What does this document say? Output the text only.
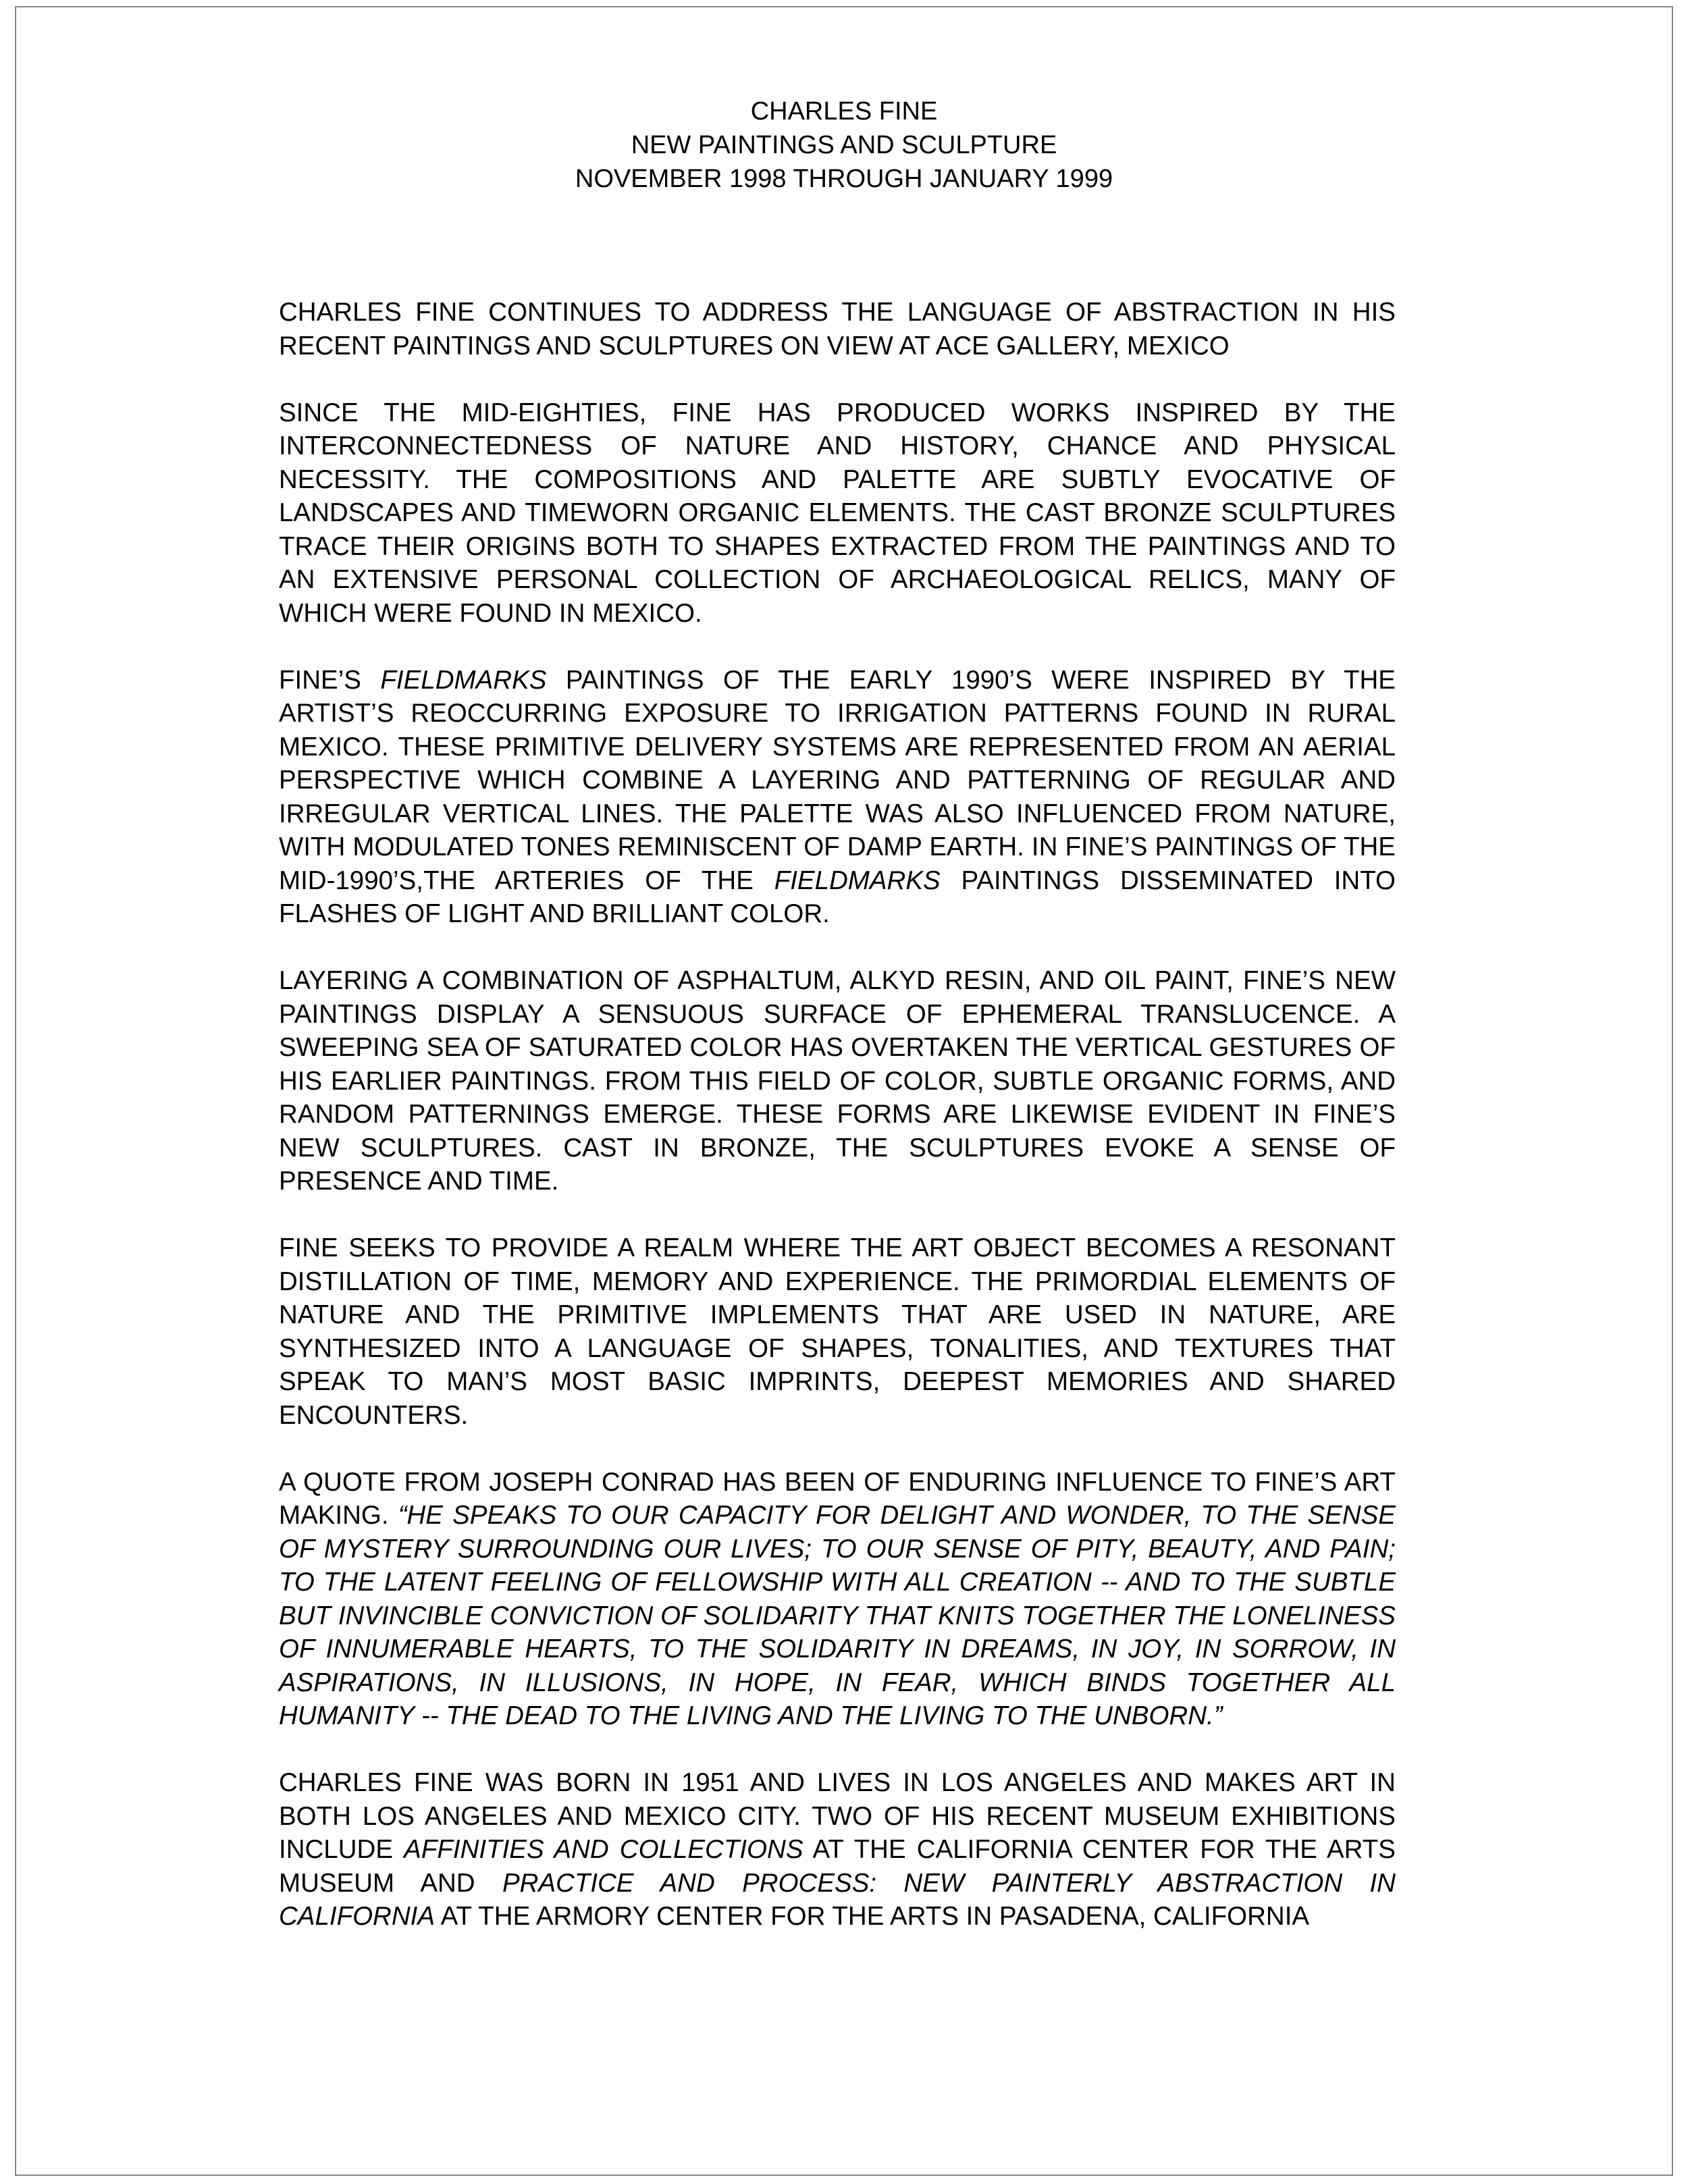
CHARLES FINE
NEW PAINTINGS AND SCULPTURE
NOVEMBER 1998 THROUGH JANUARY 1999

CHARLES FINE CONTINUES TO ADDRESS THE LANGUAGE OF ABSTRACTION IN HIS RECENT PAINTINGS AND SCULPTURES ON VIEW AT ACE GALLERY, MEXICO

SINCE THE MID-EIGHTIES, FINE HAS PRODUCED WORKS INSPIRED BY THE INTERCONNECTEDNESS OF NATURE AND HISTORY, CHANCE AND PHYSICAL NECESSITY. THE COMPOSITIONS AND PALETTE ARE SUBTLY EVOCATIVE OF LANDSCAPES AND TIMEWORN ORGANIC ELEMENTS. THE CAST BRONZE SCULPTURES TRACE THEIR ORIGINS BOTH TO SHAPES EXTRACTED FROM THE PAINTINGS AND TO AN EXTENSIVE PERSONAL COLLECTION OF ARCHAEOLOGICAL RELICS, MANY OF WHICH WERE FOUND IN MEXICO.

FINE’S FIELDMARKS PAINTINGS OF THE EARLY 1990’S WERE INSPIRED BY THE ARTIST’S REOCCURRING EXPOSURE TO IRRIGATION PATTERNS FOUND IN RURAL MEXICO. THESE PRIMITIVE DELIVERY SYSTEMS ARE REPRESENTED FROM AN AERIAL PERSPECTIVE WHICH COMBINE A LAYERING AND PATTERNING OF REGULAR AND IRREGULAR VERTICAL LINES. THE PALETTE WAS ALSO INFLUENCED FROM NATURE, WITH MODULATED TONES REMINISCENT OF DAMP EARTH. IN FINE’S PAINTINGS OF THE MID-1990’S,THE ARTERIES OF THE FIELDMARKS PAINTINGS DISSEMINATED INTO FLASHES OF LIGHT AND BRILLIANT COLOR.

LAYERING A COMBINATION OF ASPHALTUM, ALKYD RESIN, AND OIL PAINT, FINE’S NEW PAINTINGS DISPLAY A SENSUOUS SURFACE OF EPHEMERAL TRANSLUCENCE. A SWEEPING SEA OF SATURATED COLOR HAS OVERTAKEN THE VERTICAL GESTURES OF HIS EARLIER PAINTINGS. FROM THIS FIELD OF COLOR, SUBTLE ORGANIC FORMS, AND RANDOM PATTERNINGS EMERGE. THESE FORMS ARE LIKEWISE EVIDENT IN FINE’S NEW SCULPTURES. CAST IN BRONZE, THE SCULPTURES EVOKE A SENSE OF PRESENCE AND TIME.

FINE SEEKS TO PROVIDE A REALM WHERE THE ART OBJECT BECOMES A RESONANT DISTILLATION OF TIME, MEMORY AND EXPERIENCE. THE PRIMORDIAL ELEMENTS OF NATURE AND THE PRIMITIVE IMPLEMENTS THAT ARE USED IN NATURE, ARE SYNTHESIZED INTO A LANGUAGE OF SHAPES, TONALITIES, AND TEXTURES THAT SPEAK TO MAN’S MOST BASIC IMPRINTS, DEEPEST MEMORIES AND SHARED ENCOUNTERS.

A QUOTE FROM JOSEPH CONRAD HAS BEEN OF ENDURING INFLUENCE TO FINE’S ART MAKING. “HE SPEAKS TO OUR CAPACITY FOR DELIGHT AND WONDER, TO THE SENSE OF MYSTERY SURROUNDING OUR LIVES; TO OUR SENSE OF PITY, BEAUTY, AND PAIN; TO THE LATENT FEELING OF FELLOWSHIP WITH ALL CREATION -- AND TO THE SUBTLE BUT INVINCIBLE CONVICTION OF SOLIDARITY THAT KNITS TOGETHER THE LONELINESS OF INNUMERABLE HEARTS, TO THE SOLIDARITY IN DREAMS, IN JOY, IN SORROW, IN ASPIRATIONS, IN ILLUSIONS, IN HOPE, IN FEAR, WHICH BINDS TOGETHER ALL HUMANITY -- THE DEAD TO THE LIVING AND THE LIVING TO THE UNBORN.”

CHARLES FINE WAS BORN IN 1951 AND LIVES IN LOS ANGELES AND MAKES ART IN BOTH LOS ANGELES AND MEXICO CITY. TWO OF HIS RECENT MUSEUM EXHIBITIONS INCLUDE AFFINITIES AND COLLECTIONS AT THE CALIFORNIA CENTER FOR THE ARTS MUSEUM AND PRACTICE AND PROCESS: NEW PAINTERLY ABSTRACTION IN CALIFORNIA AT THE ARMORY CENTER FOR THE ARTS IN PASADENA, CALIFORNIA
